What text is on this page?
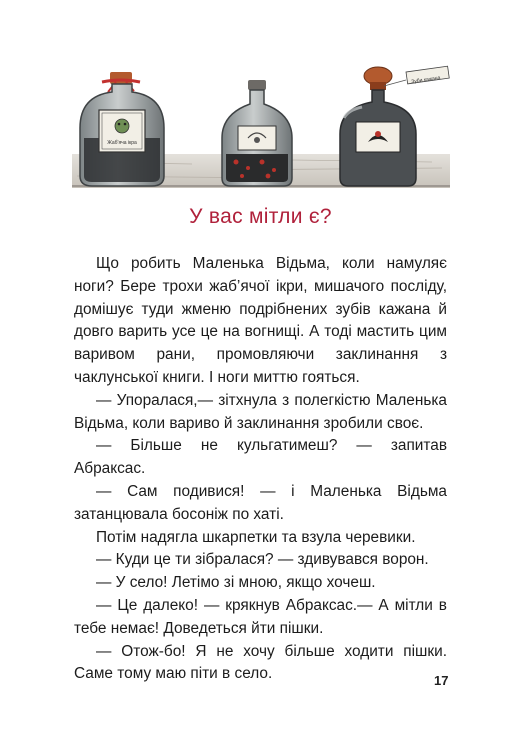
Жаб'яча ікра
Зуби кажана
У вас мітли є?

Що робить Маленька Відьма, коли намуляє ноги? Бере трохи жаб’ячої ікри, мишачого посліду, домішує туди жменю подрібнених зубів кажана й довго варить усе це на вогнищі. А тоді мастить цим варивом рани, промовляючи заклинання з чаклунської книги. І ноги миттю гояться.

— Упоралася,— зітхнула з полегкістю Маленька Відьма, коли вариво й заклинання зробили своє.

— Більше не кульгатимеш? — запитав Абраксас.

— Сам подивися! — і Маленька Відьма затанцювала босоніж по хаті.

Потім надягла шкарпетки та взула черевики.

— Куди це ти зібралася? — здивувався ворон.

— У село! Летімо зі мною, якщо хочеш.

— Це далеко! — крякнув Абраксас.— А мітли в тебе немає! Доведеться йти пішки.

— Отож-бо! Я не хочу більше ходити пішки. Саме тому маю піти в село.	17
